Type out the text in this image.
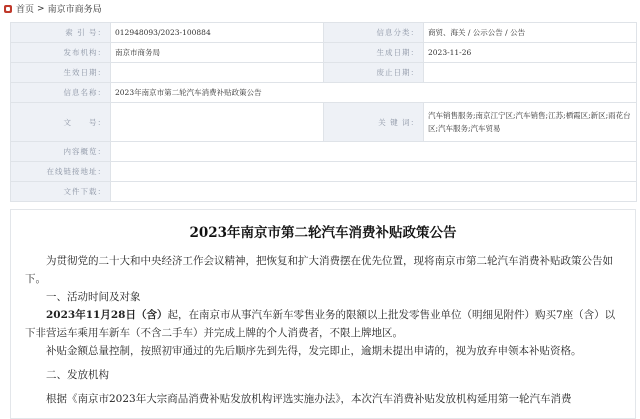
首页 > 南京市商务局
索 引 号：	012948093/2023-100884	信息分类：	商贸、海关 / 公示公告 / 公告
发布机构：	南京市商务局	生成日期：	2023-11-26
生效日期：		废止日期：	
信息名称：	2023年南京市第二轮汽车消费补贴政策公告		
文　　号：		关 键 词：	汽车销售服务;南京江宁区;汽车销售;江苏;栖霞区;新区;雨花台区;汽车服务;汽车贸易
内容概览：			
在线链接地址：			
文件下载：			
2023年南京市第二轮汽车消费补贴政策公告

为贯彻党的二十大和中央经济工作会议精神，把恢复和扩大消费摆在优先位置，现将南京市第二轮汽车消费补贴政策公告如下。

一、活动时间及对象

2023年11月28日（含）起，在南京市从事汽车新车零售业务的限额以上批发零售业单位（明细见附件）购买7座（含）以下非营运车乘用车新车（不含二手车）并完成上牌的个人消费者，不限上牌地区。

补贴金额总量控制，按照初审通过的先后顺序先到先得，发完即止，逾期未提出申请的，视为放弃申领本补贴资格。

二、发放机构

根据《南京市2023年大宗商品消费补贴发放机构评选实施办法》，本次汽车消费补贴发放机构延用第一轮汽车消费
